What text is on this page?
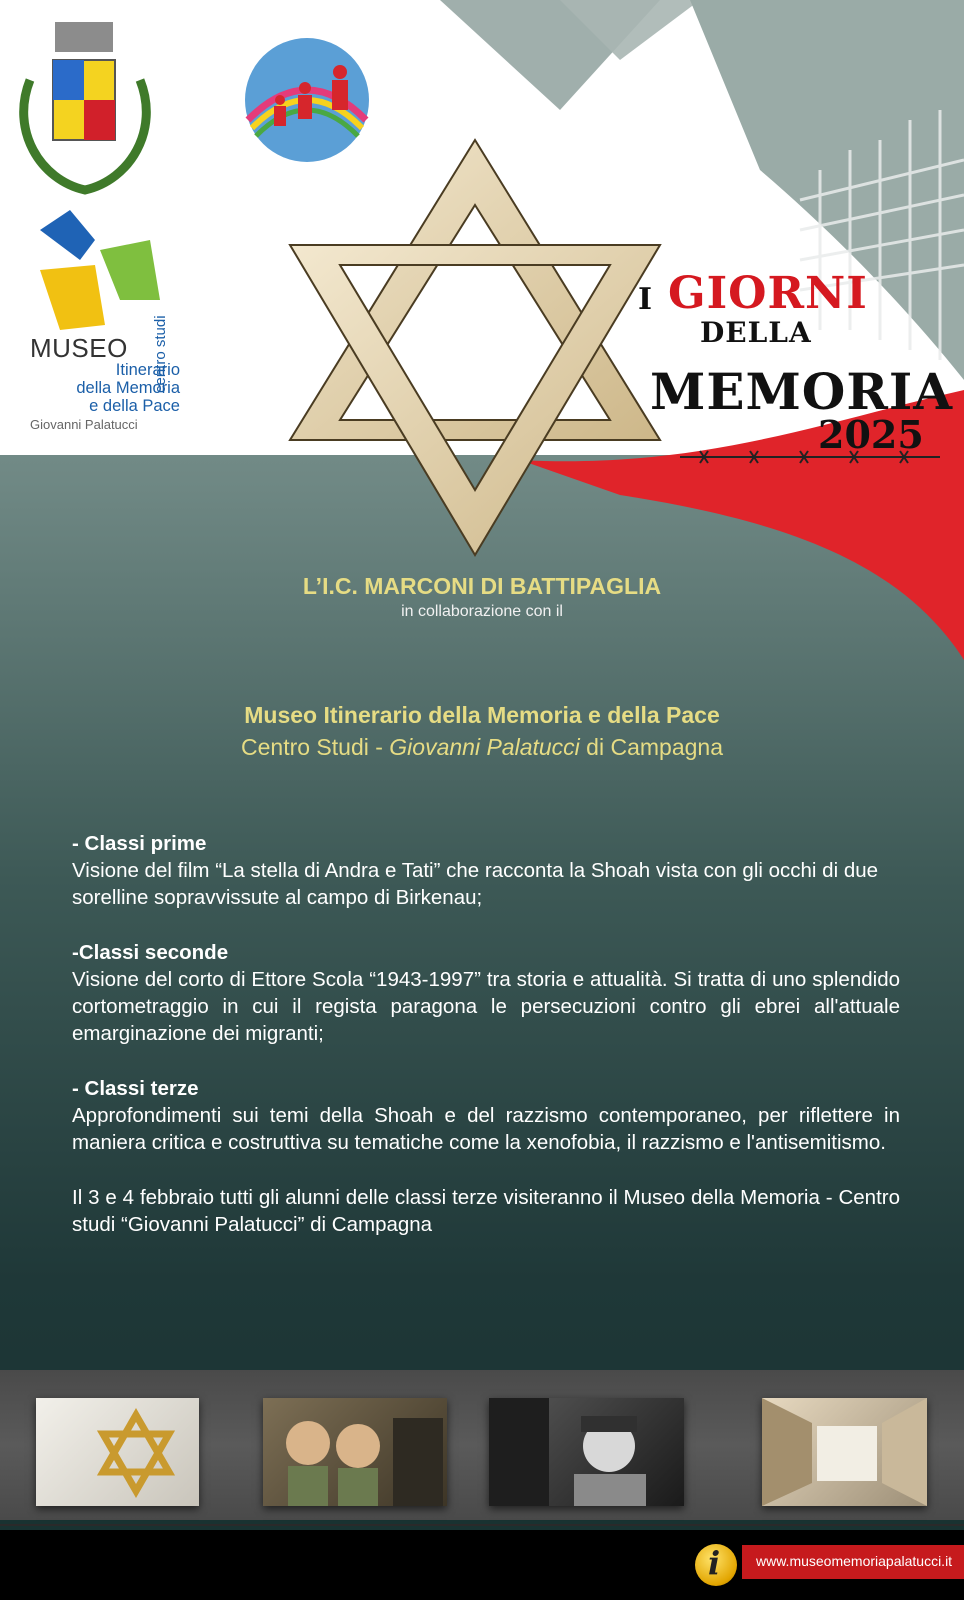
MUSEO
Itinerario
della Memoria
e della Pace
Giovanni Palatucci
centro studi
I GIORNI
DELLA
MEMORIA
2025
L’I.C. MARCONI DI BATTIPAGLIA
in collaborazione con il
Museo Itinerario della Memoria e della Pace
Centro Studi - Giovanni Palatucci di Campagna

- Classi prime

Visione del film “La stella di Andra e Tati” che racconta la Shoah vista con gli occhi di due sorelline sopravvissute al campo di Birkenau;

-Classi seconde

Visione del corto di Ettore Scola “1943-1997” tra storia e attualità. Si tratta di uno splendido cortometraggio in cui il regista paragona le persecuzioni contro gli ebrei all'attuale emarginazione dei migranti;

- Classi terze

Approfondimenti sui temi della Shoah e del razzismo contemporaneo, per riflettere in maniera critica e costruttiva su tematiche come la xenofobia, il razzismo e l'antisemitismo.

Il 3 e 4 febbraio tutti gli alunni delle classi terze visiteranno il Museo della Memoria - Centro studi “Giovanni Palatucci” di Campagna

i	www.museomemoriapalatucci.it
